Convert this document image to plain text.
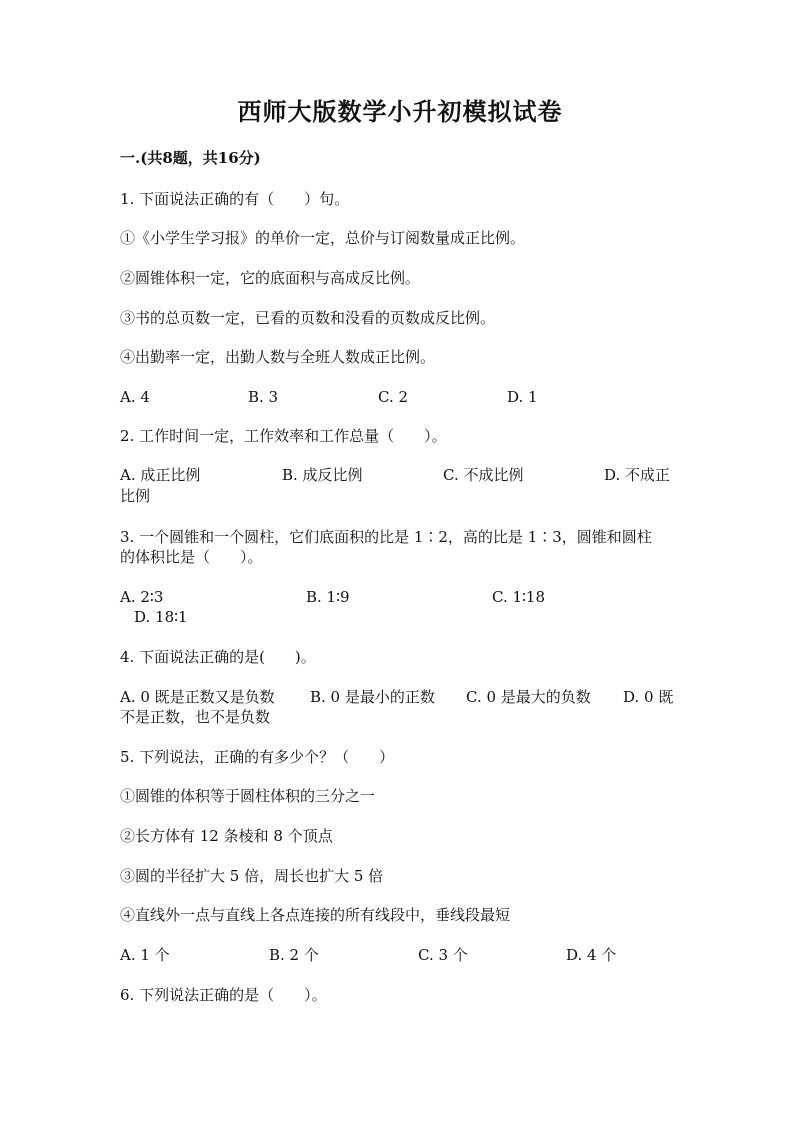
西师大版数学小升初模拟试卷
一.(共8题，共16分)
1. 下面说法正确的有（　　）句。
①《小学生学习报》的单价一定，总价与订阅数量成正比例。
②圆锥体积一定，它的底面积与高成反比例。
③书的总页数一定，已看的页数和没看的页数成反比例。
④出勤率一定，出勤人数与全班人数成正比例。
A. 4	B. 3	C. 2	D. 1
2. 工作时间一定，工作效率和工作总量（　　）。
A. 成正比例	B. 成反比例	C. 不成比例	D. 不成正
比例
3. 一个圆锥和一个圆柱，它们底面积的比是 1∶2，高的比是 1∶3，圆锥和圆柱
的体积比是（　　）。
A. 2∶3	B. 1∶9	C. 1∶18
D. 18∶1
4. 下面说法正确的是(　　)。
A. 0 既是正数又是负数 B. 0 是最小的正数 C. 0 是最大的负数 D. 0 既
不是正数，也不是负数
5. 下列说法，正确的有多少个？（　　）
①圆锥的体积等于圆柱体积的三分之一
②长方体有 12 条棱和 8 个顶点
③圆的半径扩大 5 倍，周长也扩大 5 倍
④直线外一点与直线上各点连接的所有线段中，垂线段最短
A. 1 个	B. 2 个	C. 3 个	D. 4 个
6. 下列说法正确的是（　　）。
